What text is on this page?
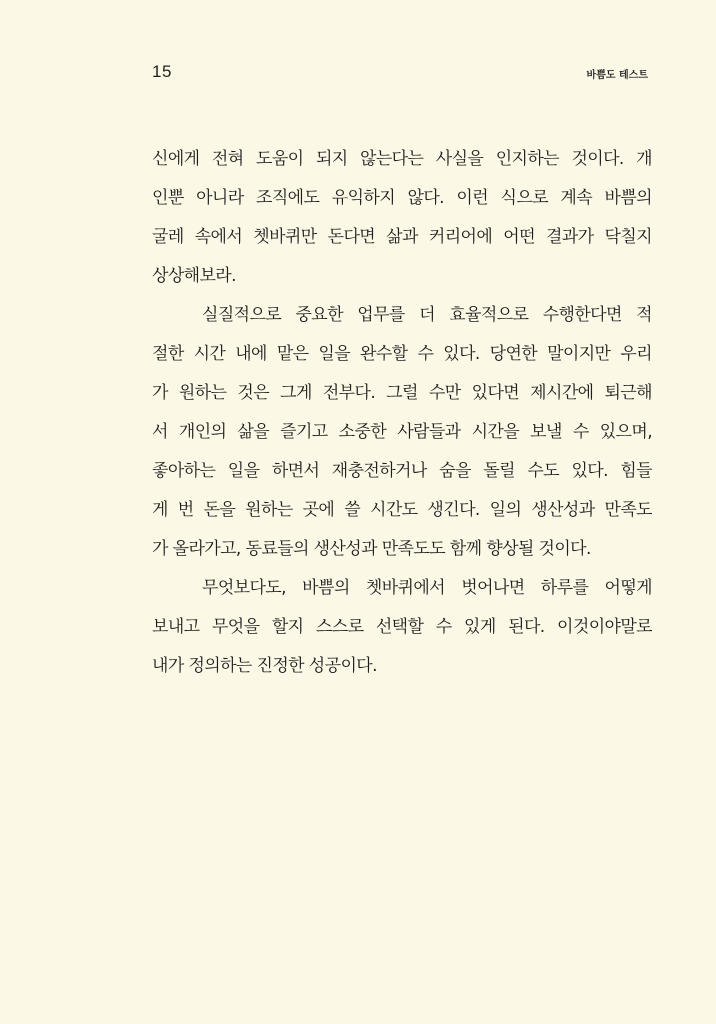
15	바쁨도 테스트
신에게 전혀 도움이 되지 않는다는 사실을 인지하는 것이다. 개
인뿐 아니라 조직에도 유익하지 않다. 이런 식으로 계속 바쁨의
굴레 속에서 쳇바퀴만 돈다면 삶과 커리어에 어떤 결과가 닥칠지
상상해보라.
실질적으로 중요한 업무를 더 효율적으로 수행한다면 적
절한 시간 내에 맡은 일을 완수할 수 있다. 당연한 말이지만 우리
가 원하는 것은 그게 전부다. 그럴 수만 있다면 제시간에 퇴근해
서 개인의 삶을 즐기고 소중한 사람들과 시간을 보낼 수 있으며,
좋아하는 일을 하면서 재충전하거나 숨을 돌릴 수도 있다. 힘들
게 번 돈을 원하는 곳에 쓸 시간도 생긴다. 일의 생산성과 만족도
가 올라가고, 동료들의 생산성과 만족도도 함께 향상될 것이다.
무엇보다도, 바쁨의 쳇바퀴에서 벗어나면 하루를 어떻게
보내고 무엇을 할지 스스로 선택할 수 있게 된다. 이것이야말로
내가 정의하는 진정한 성공이다.
